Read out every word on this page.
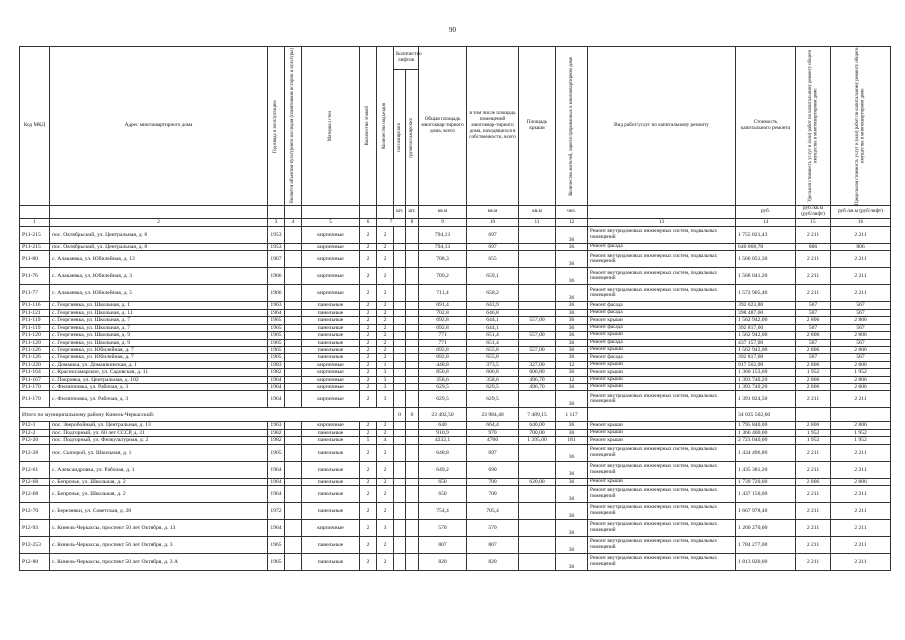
90
Код МКД	Адрес многоквартирного дома	Год ввода в эксплуатацию	Является объектом культурного наследия (памятником истории и культуры)	Материал стен	Количество этажей	Количество подъездов	Количество лифтов		Общая площадь многоквар-тирного дома, всего	в том числе площадь помещений многоквар-тирного дома, находящихся в собственности, всего	Площадь крыши	Количество жителей, зарегистрированных в многоквартирном доме	Вид работ/услуг по капитальному ремонту	Стоимость капитального ремонта	Удельная стоимость услуг и (или) работ по капитальному ремонту общего имущества в многоквартирном доме	Предельная стоимость услуг и (или) работ по капитальному ремонту общего имущества в многоквартирном доме

							пассажирских	грузопассажирских								

							шт.	шт.	кв.м	кв.м	кв.м	чел.		руб.	руб./кв.м (руб/лифт)	руб./кв.м (руб/лифт)
1	2	3	4	5	6	7		8	9	10	11	12	13	14	15	16
Р11-215	пос. Октябрьский, ул. Центральная, д. 8	1953		кирпичные	2	2			794,13	697		36	Ремонт внутридомовых инженерных систем, подвальных помещений	1 755 821,43	2 211	2 211
Р11-215	пос. Октябрьский, ул. Центральная, д. 8	1953		кирпичные	2	2			794,13	697		36	Ремонт фасада	640 068,78	806	806
Р11-80	с. Алакаевка, ул. Юбилейная, д. 13	1967		кирпичные	2	2			708,3	655		36	Ремонт внутридомовых инженерных систем, подвальных помещений	1 566 051,30	2 211	2 211
Р11-76	с. Алакаевка, ул. Юбилейная, д. 3	1966		кирпичные	2	2			709,2	659,1		36	Ремонт внутридомовых инженерных систем, подвальных помещений	1 568 041,20	2 211	2 211
Р11-77	с. Алакаевка, ул. Юбилейная, д. 5	1966		кирпичные	2	2			711,4	658,2		36	Ремонт внутридомовых инженерных систем, подвальных помещений	1 572 905,40	2 211	2 211
Р11-116	с. Георгиевка, ул. Школьная, д. 1	1963		панельные	2	2			691,4	643,9		36	Ремонт фасада	392 023,80	567	567
Р11-121	с. Георгиевка, ул. Школьная, д. 11	1964		панельные	2	2			702,8	646,8		36	Ремонт фасада	398 487,60	567	567
Р11-119	с. Георгиевка, ул. Школьная, д. 7	1965		панельные	2	2			692,8	644,1	557,00	36	Ремонт крыши	1 562 942,00	2 806	2 806
Р11-119	с. Георгиевка, ул. Школьная, д. 7	1965		панельные	2	2			692,8	644,1		36	Ремонт фасада	392 817,60	567	567
Р11-120	с. Георгиевка, ул. Школьная, д. 9	1965		панельные	2	2			771	651,4	557,00	36	Ремонт крыши	1 562 942,00	2 806	2 806
Р11-120	с. Георгиевка, ул. Школьная, д. 9	1965		панельные	2	2			771	651,4		36	Ремонт фасада	437 157,00	567	567
Р11-126	с. Георгиевка, ул. Юбилейная, д. 7	1965		панельные	2	2			692,8	655,8	557,00	36	Ремонт крыши	1 562 942,00	2 806	2 806
Р11-126	с. Георгиевка, ул. Юбилейная, д. 7	1965		панельные	2	2			692,8	655,8		36	Ремонт фасада	392 817,60	567	567
Р11-220	с. Домашка, ул. Домашкинская, д. 1	1983		кирпичные	2	1			448,8	373,5	327,00	12	Ремонт крыши	917 562,00	2 806	2 806
Р11-164	с. Красносамарское, ул. Садовская, д. 11	1982		кирпичные	2	3			850,8	606,8	606,80	36	Ремонт крыши	1 360 153,60	1 952	1 952
Р11-167	с. Покровка, ул. Центральная, д. 102	1964		кирпичные	2	3			358,6	358,6	496,70	12	Ремонт крыши	1 393 740,20	2 806	2 806
Р11-170	с. Филипповка, ул. Рабочая, д. 3	1964		кирпичные	2	3			629,5	629,5	496,70	36	Ремонт крыши	1 393 740,20	2 806	2 806
Р11-170	с. Филипповка, ул. Рабочая, д. 3	1964		кирпичные	2	3			629,5	629,5		36	Ремонт внутридомовых инженерных систем, подвальных помещений	1 391 824,50	2 211	2 211
Итого по муниципальному району Кинель-Черкасский:							0	0	23 492,50	23 984,40	7 489,15	1 117		34 035 502,60		
Р12-1	пос. Зверобойный, ул. Центральная, д. 13	1963		кирпичные	2	2			640	664,4	640,00	36	Ремонт крыши	1 795 840,00	2 806	2 806
Р12-2	пос. Подгорный, ул. 60 лет СССР, д. 21	1982		панельные	2	2			910,9	970	700,00	36	Ремонт крыши	1 366 400,00	1 952	1 952
Р12-20	пос. Подгорный, ул. Физкультурная, д. 2	1982		панельные	5	4			4232,1	4700	1 395,00	181	Ремонт крыши	2 723 040,00	1 952	1 952
Р12-28	пос. Сыпорой, ул. Школьная, д. 1	1965		панельные	2	2			648,8	697		36	Ремонт внутридомовых инженерных систем, подвальных помещений	1 434 496,80	2 211	2 211
Р12-61	с. Александровка, ул. Рабочая, д. 1	1964		панельные	2	2			649,2	690		36	Ремонт внутридомовых инженерных систем, подвальных помещений	1 435 381,20	2 211	2 211
Р12-68	с. Бепрочье, ул. Школьная, д. 2	1964		панельные	2	2			650	700	620,00	36	Ремонт крыши	1 739 720,00	2 806	2 806
Р12-68	с. Бепрочье, ул. Школьная, д. 2	1964		панельные	2	2			650	700		36	Ремонт внутридомовых инженерных систем, подвальных помещений	1 437 150,00	2 211	2 211
Р12-70	с. Березняки, ул. Советская, д. 28	1972		панельные	2	2			754,4	705,4		36	Ремонт внутридомовых инженерных систем, подвальных помещений	1 667 978,40	2 211	2 211
Р12-93	с. Кинель-Черкассы, проспект 50 лет Октября, д. 13	1964		кирпичные	2	3			570	570		36	Ремонт внутридомовых инженерных систем, подвальных помещений	1 260 270,00	2 211	2 211
Р12-253	с. Кинель-Черкассы, проспект 50 лет Октября, д. 3	1965		панельные	2	2			807	807		36	Ремонт внутридомовых инженерных систем, подвальных помещений	1 784 277,00	2 211	2 211
Р12-80	с. Кинель-Черкассы, проспект 50 лет Октября, д. 3 А	1965		панельные	2	2			820	820		36	Ремонт внутридомовых инженерных систем, подвальных помещений	1 813 020,00	2 211	2 211
